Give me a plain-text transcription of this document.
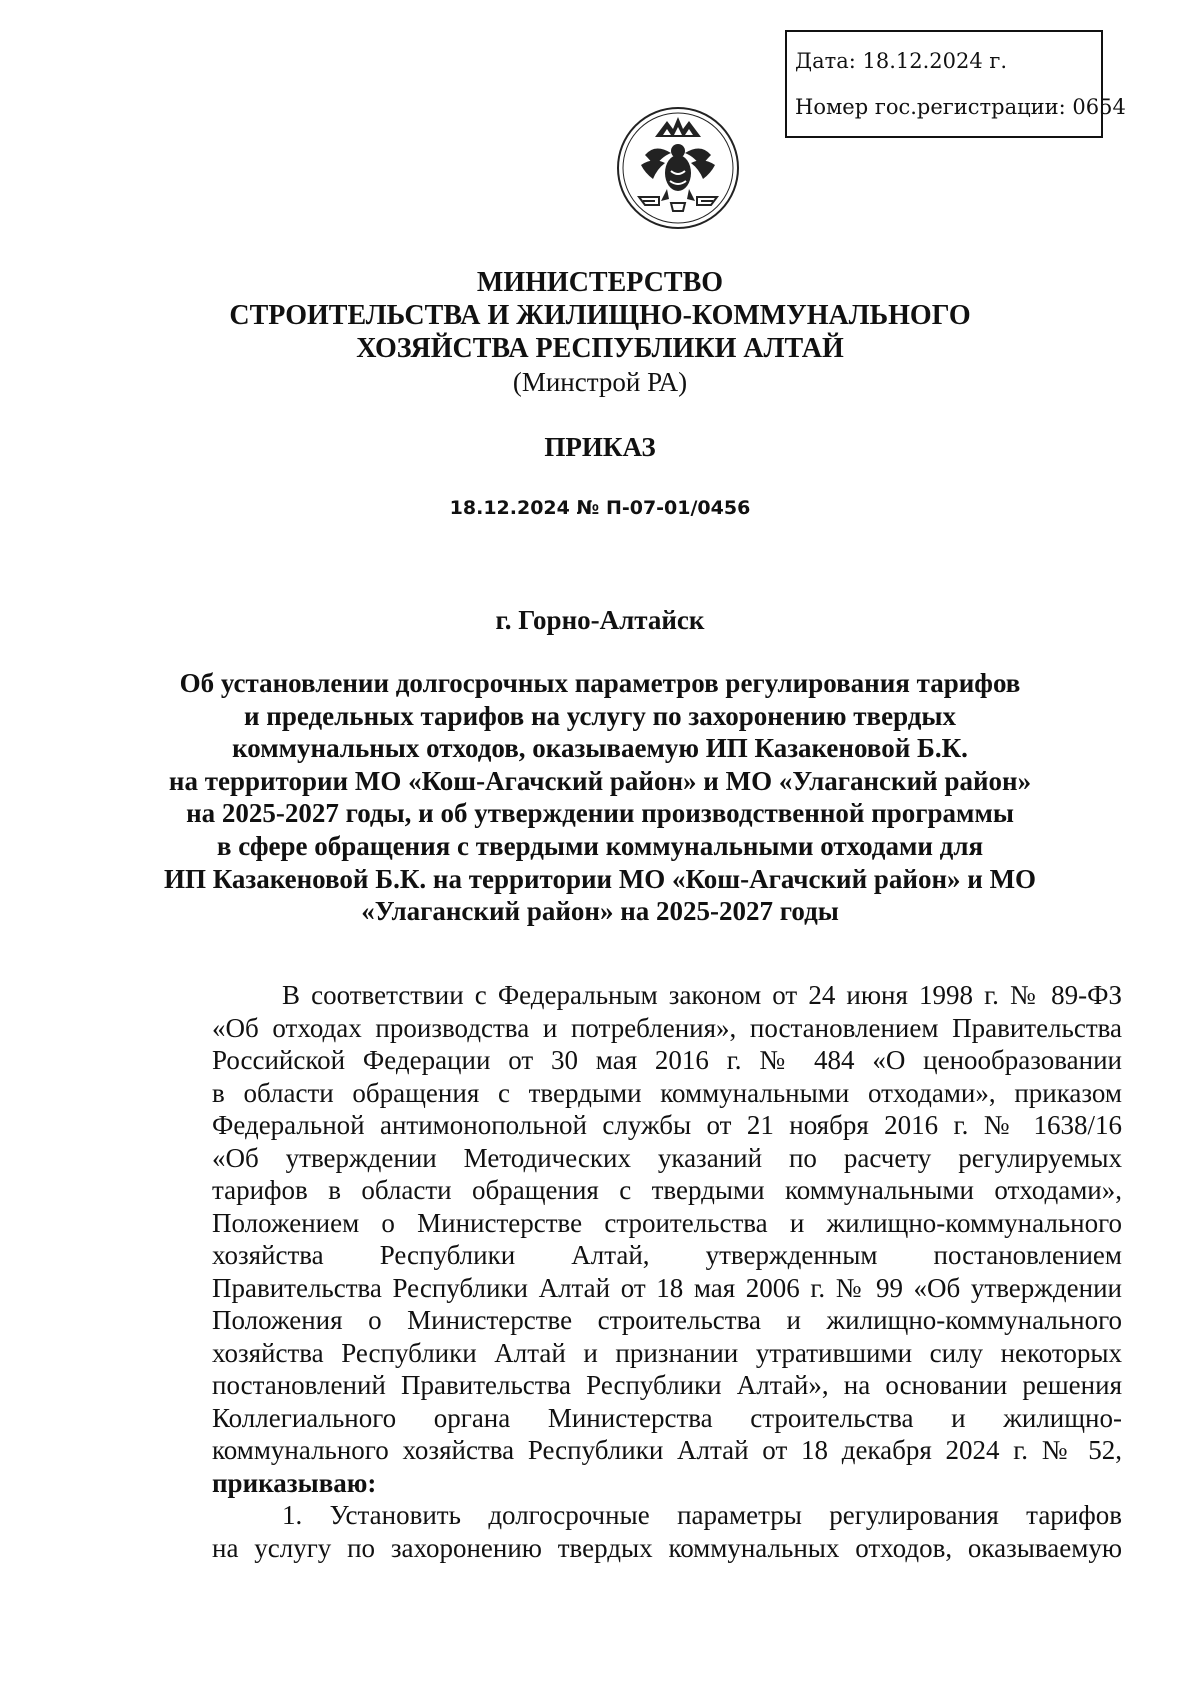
Дата: 18.12.2024 г.
Номер гос.регистрации: 0654
МИНИСТЕРСТВО
СТРОИТЕЛЬСТВА И ЖИЛИЩНО-КОММУНАЛЬНОГО
ХОЗЯЙСТВА РЕСПУБЛИКИ АЛТАЙ
(Минстрой РА)
ПРИКАЗ
18.12.2024 № П-07-01/0456
г. Горно-Алтайск
Об установлении долгосрочных параметров регулирования тарифов
и предельных тарифов на услугу по захоронению твердых
коммунальных отходов, оказываемую ИП Казакеновой Б.К.
на территории МО «Кош-Агачский район» и МО «Улаганский район»
на 2025-2027 годы, и об утверждении производственной программы
в сфере обращения с твердыми коммунальными отходами для
ИП Казакеновой Б.К. на территории МО «Кош-Агачский район» и МО
«Улаганский район» на 2025-2027 годы
В соответствии с Федеральным законом от 24 июня 1998 г. № 89-ФЗ
«Об отходах производства и потребления», постановлением Правительства
Российской Федерации от 30 мая 2016 г. № 484 «О ценообразовании
в области обращения с твердыми коммунальными отходами», приказом
Федеральной антимонопольной службы от 21 ноября 2016 г. № 1638/16
«Об утверждении Методических указаний по расчету регулируемых
тарифов в области обращения с твердыми коммунальными отходами»,
Положением о Министерстве строительства и жилищно-коммунального
хозяйства Республики Алтай, утвержденным постановлением
Правительства Республики Алтай от 18 мая 2006 г. № 99 «Об утверждении
Положения о Министерстве строительства и жилищно-коммунального
хозяйства Республики Алтай и признании утратившими силу некоторых
постановлений Правительства Республики Алтай», на основании решения
Коллегиального органа Министерства строительства и жилищно-
коммунального хозяйства Республики Алтай от 18 декабря 2024 г. № 52,
приказываю:
1. Установить долгосрочные параметры регулирования тарифов
на услугу по захоронению твердых коммунальных отходов, оказываемую
